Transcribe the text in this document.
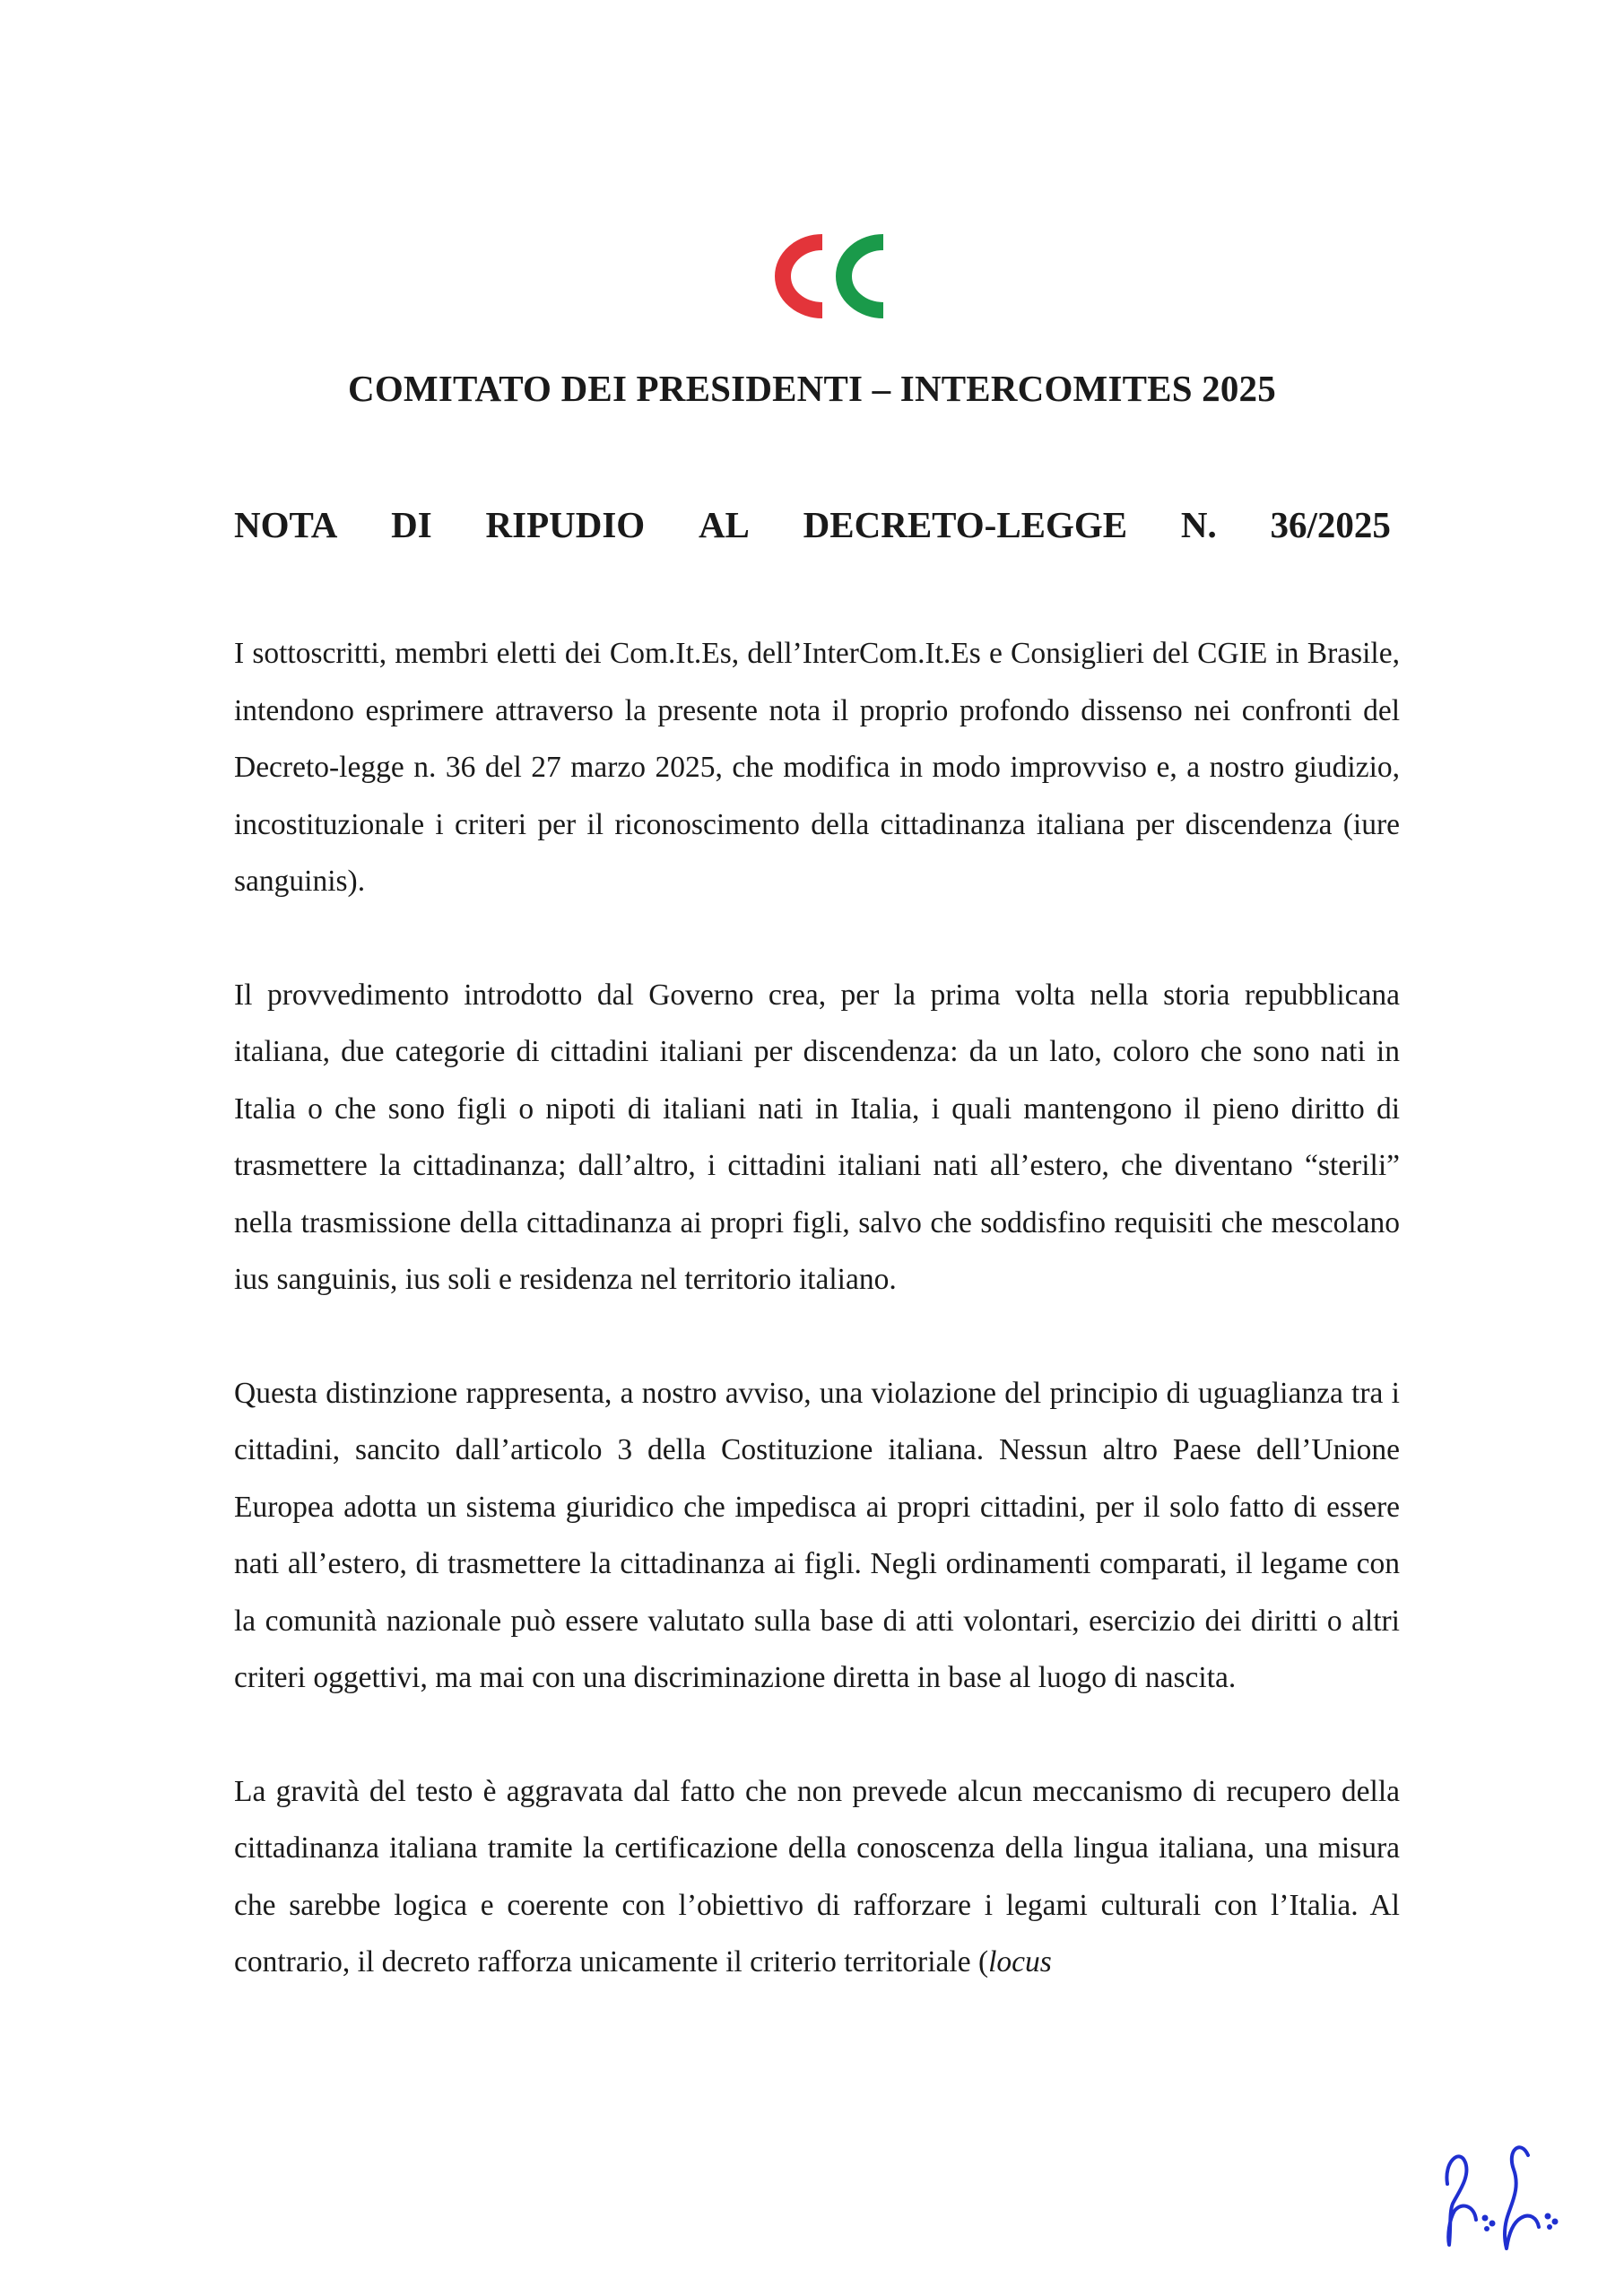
COMITATO DEI PRESIDENTI – INTERCOMITES 2025
NOTA DI RIPUDIO AL DECRETO-LEGGE N. 36/2025

I sottoscritti, membri eletti dei Com.It.Es, dell’InterCom.It.Es e Consiglieri del CGIE in Brasile, intendono esprimere attraverso la presente nota il proprio profondo dissenso nei confronti del Decreto-legge n. 36 del 27 marzo 2025, che modifica in modo improvviso e, a nostro giudizio, incostituzionale i criteri per il riconoscimento della cittadinanza italiana per discendenza (iure sanguinis).

Il provvedimento introdotto dal Governo crea, per la prima volta nella storia repubblicana italiana, due categorie di cittadini italiani per discendenza: da un lato, coloro che sono nati in Italia o che sono figli o nipoti di italiani nati in Italia, i quali mantengono il pieno diritto di trasmettere la cittadinanza; dall’altro, i cittadini italiani nati all’estero, che diventano “sterili” nella trasmissione della cittadinanza ai propri figli, salvo che soddisfino requisiti che mescolano ius sanguinis, ius soli e residenza nel territorio italiano.

Questa distinzione rappresenta, a nostro avviso, una violazione del principio di uguaglianza tra i cittadini, sancito dall’articolo 3 della Costituzione italiana. Nessun altro Paese dell’Unione Europea adotta un sistema giuridico che impedisca ai propri cittadini, per il solo fatto di essere nati all’estero, di trasmettere la cittadinanza ai figli. Negli ordinamenti comparati, il legame con la comunità nazionale può essere valutato sulla base di atti volontari, esercizio dei diritti o altri criteri oggettivi, ma mai con una discriminazione diretta in base al luogo di nascita.

La gravità del testo è aggravata dal fatto che non prevede alcun meccanismo di recupero della cittadinanza italiana tramite la certificazione della conoscenza della lingua italiana, una misura che sarebbe logica e coerente con l’obiettivo di rafforzare i legami culturali con l’Italia. Al contrario, il decreto rafforza unicamente il criterio territoriale (locus
